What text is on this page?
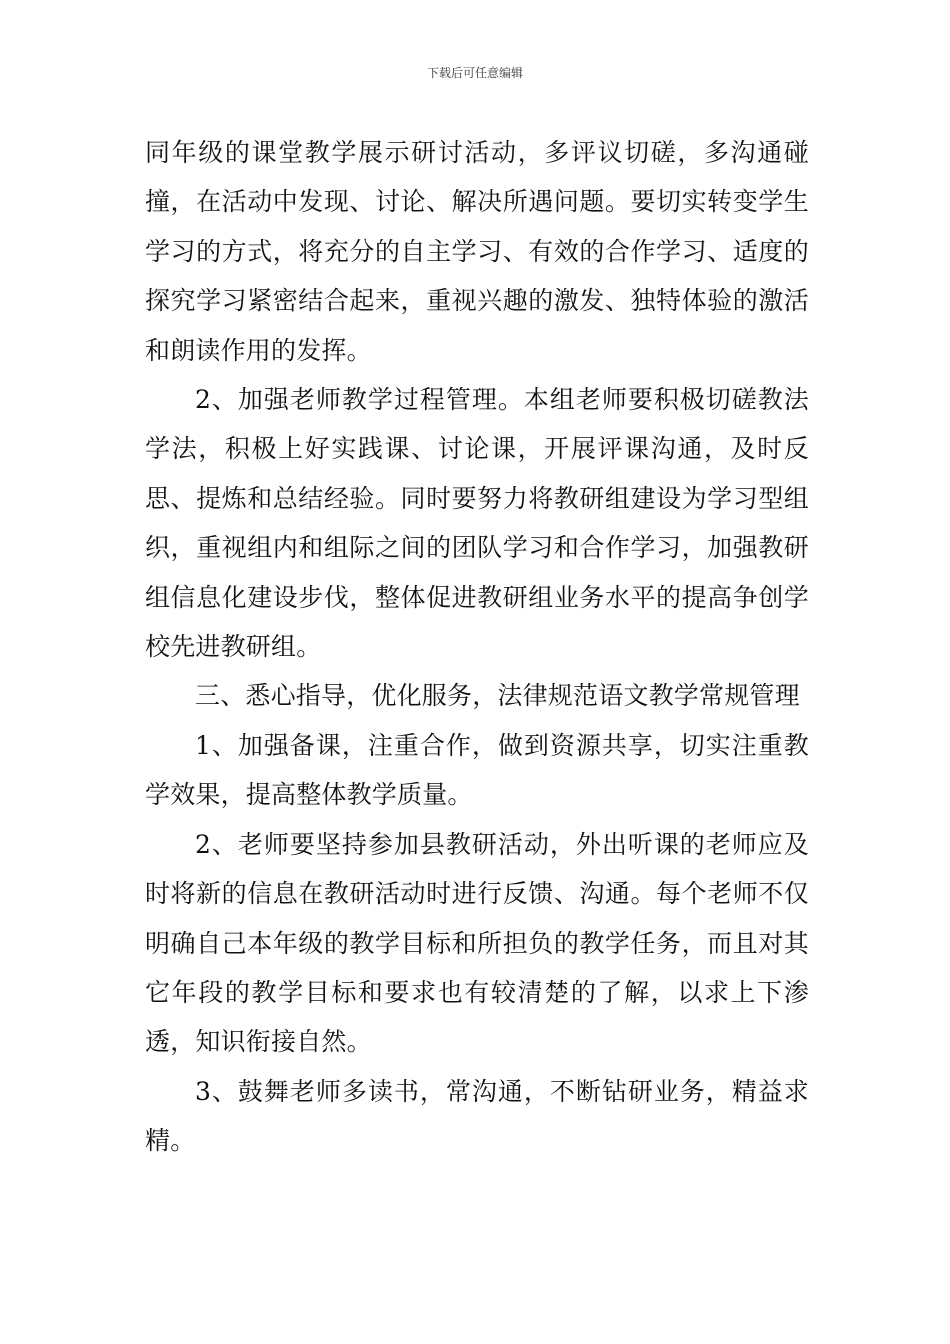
下载后可任意编辑

同年级的课堂教学展示研讨活动，多评议切磋，多沟通碰撞，在活动中发现、讨论、解决所遇问题。要切实转变学生学习的方式，将充分的自主学习、有效的合作学习、适度的探究学习紧密结合起来，重视兴趣的激发、独特体验的激活和朗读作用的发挥。

2、加强老师教学过程管理。本组老师要积极切磋教法学法，积极上好实践课、讨论课，开展评课沟通，及时反思、提炼和总结经验。同时要努力将教研组建设为学习型组织，重视组内和组际之间的团队学习和合作学习，加强教研组信息化建设步伐，整体促进教研组业务水平的提高争创学校先进教研组。

三、悉心指导，优化服务，法律规范语文教学常规管理

1、加强备课，注重合作，做到资源共享，切实注重教学效果，提高整体教学质量。

2、老师要坚持参加县教研活动，外出听课的老师应及时将新的信息在教研活动时进行反馈、沟通。每个老师不仅明确自己本年级的教学目标和所担负的教学任务，而且对其它年段的教学目标和要求也有较清楚的了解，以求上下渗透，知识衔接自然。

3、鼓舞老师多读书，常沟通，不断钻研业务，精益求精。
